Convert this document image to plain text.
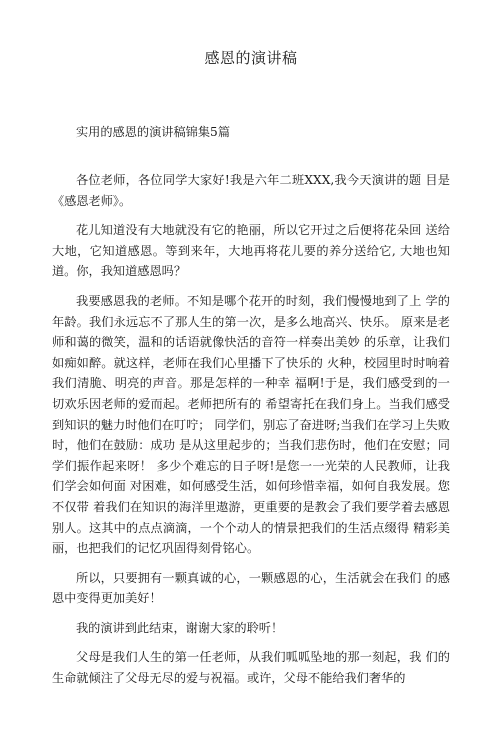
感恩的演讲稿

实用的感恩的演讲稿锦集5篇

各位老师，各位同学大家好!我是六年二班XXX,我今天演讲的题 目是《感恩老师》。

花儿知道没有大地就没有它的艳丽，所以它开过之后便将花朵回 送给大地，它知道感恩。等到来年，大地再将花儿要的养分送给它, 大地也知道。你，我知道感恩吗？

我要感恩我的老师。不知是哪个花开的时刻，我们慢慢地到了上 学的年龄。我们永远忘不了那人生的第一次，是多么地高兴、快乐。 原来是老师和蔼的微笑，温和的话语就像快活的音符一样奏出美妙 的乐章，让我们如痴如醉。就这样，老师在我们心里播下了快乐的 火种，校园里时时响着我们清脆、明亮的声音。那是怎样的一种幸 福啊!于是，我们感受到的一切欢乐因老师的爱而起。老师把所有的 希望寄托在我们身上。当我们感受到知识的魅力时他们在叮咛； 同学们，别忘了奋进呀;当我们在学习上失败时，他们在鼓励：成功 是从这里起步的；当我们悲伤时，他们在安慰；同学们振作起来呀！ 多少个难忘的日子呀!是您一一光荣的人民教师，让我们学会如何面 对困难，如何感受生活，如何珍惜幸福，如何自我发展。您不仅带 着我们在知识的海洋里遨游，更重要的是教会了我们要学着去感恩 别人。这其中的点点滴滴，一个个动人的情景把我们的生活点缀得 精彩美丽，也把我们的记忆巩固得刻骨铭心。

所以，只要拥有一颗真诚的心，一颗感恩的心，生活就会在我们 的感恩中变得更加美好！

我的演讲到此结束，谢谢大家的聆听！

父母是我们人生的第一任老师，从我们呱呱坠地的那一刻起，我 们的生命就倾注了父母无尽的爱与祝福。或许，父母不能给我们奢华的
